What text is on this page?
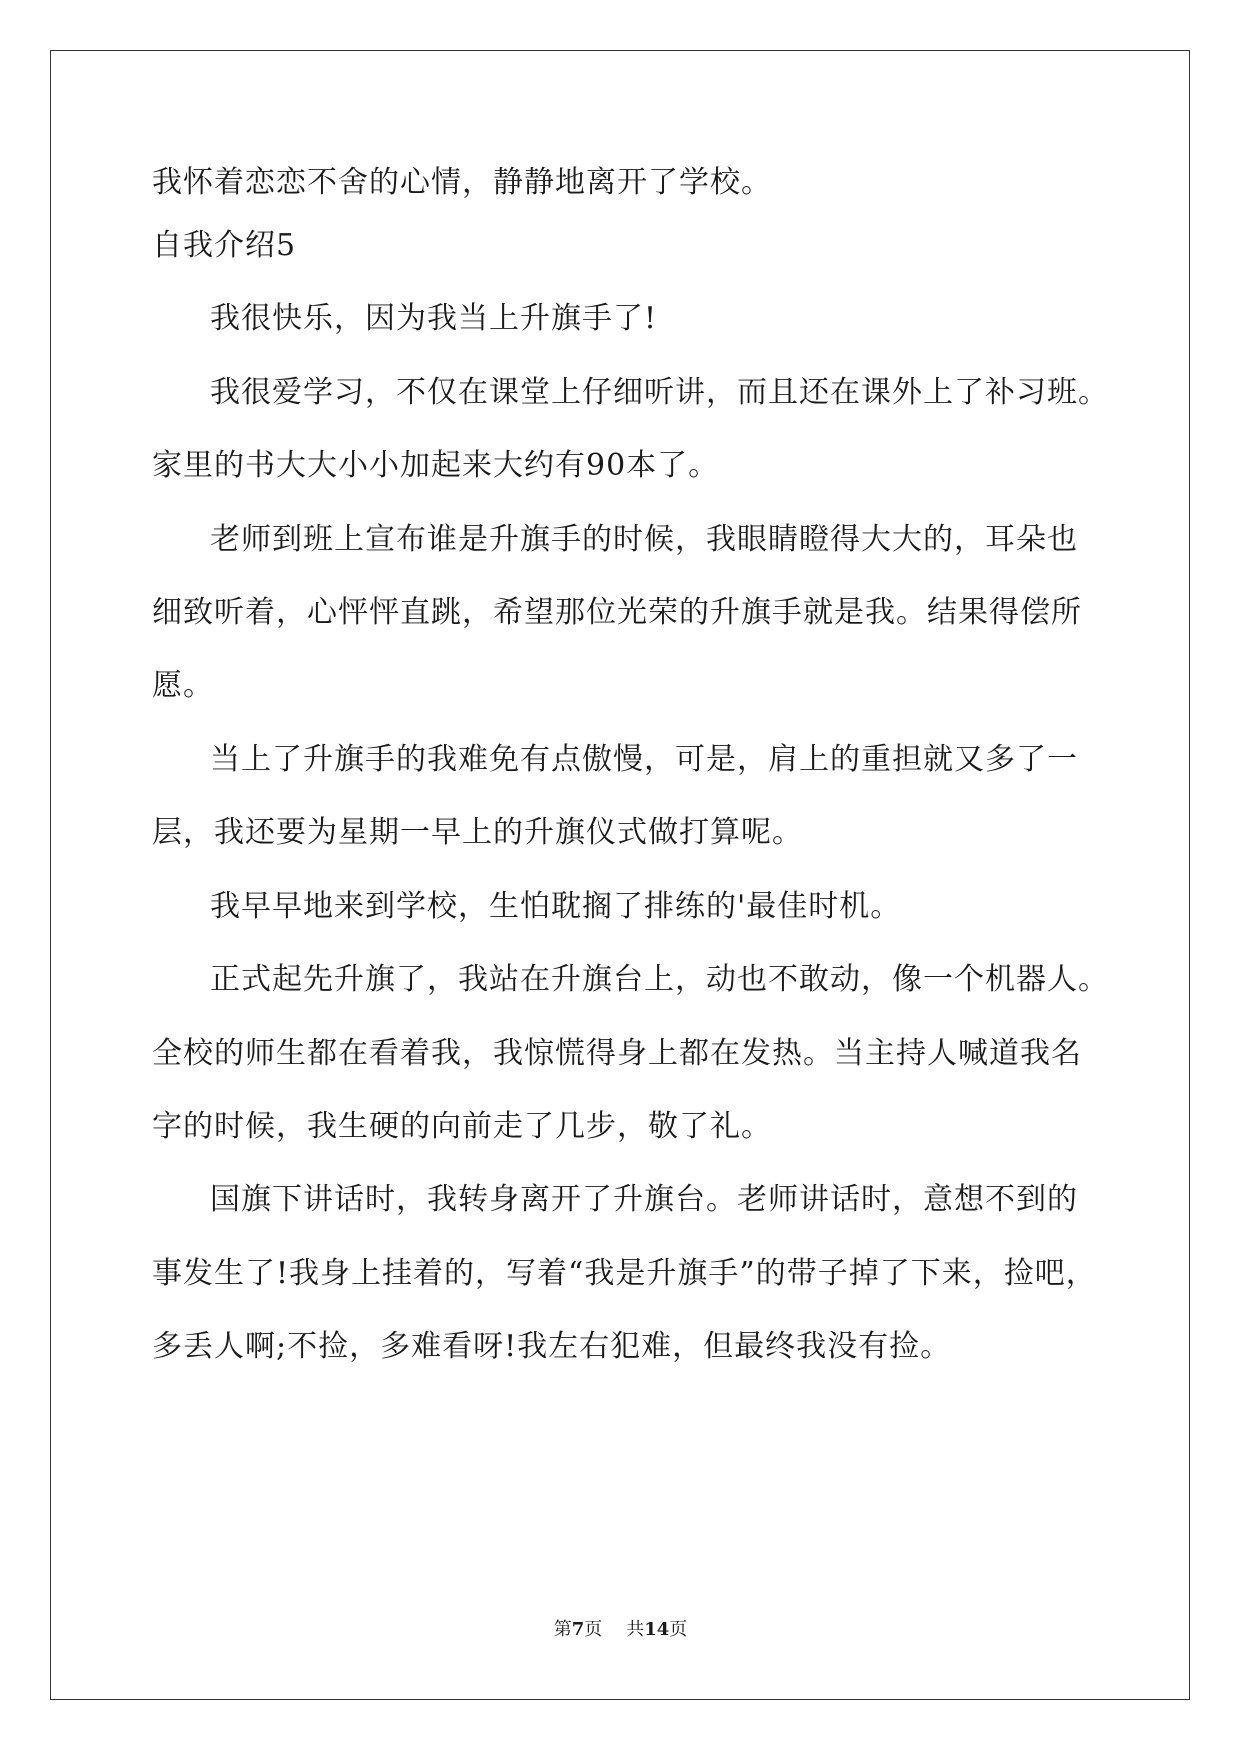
我怀着恋恋不舍的心情，静静地离开了学校。
自我介绍5
我很快乐，因为我当上升旗手了!
我很爱学习，不仅在课堂上仔细听讲，而且还在课外上了补习班。
家里的书大大小小加起来大约有90本了。
老师到班上宣布谁是升旗手的时候，我眼睛瞪得大大的，耳朵也
细致听着，心怦怦直跳，希望那位光荣的升旗手就是我。结果得偿所
愿。
当上了升旗手的我难免有点傲慢，可是，肩上的重担就又多了一
层，我还要为星期一早上的升旗仪式做打算呢。
我早早地来到学校，生怕耽搁了排练的'最佳时机。
正式起先升旗了，我站在升旗台上，动也不敢动，像一个机器人。
全校的师生都在看着我，我惊慌得身上都在发热。当主持人喊道我名
字的时候，我生硬的向前走了几步，敬了礼。
国旗下讲话时，我转身离开了升旗台。老师讲话时，意想不到的
事发生了!我身上挂着的，写着“我是升旗手”的带子掉了下来，捡吧，
多丢人啊;不捡，多难看呀!我左右犯难，但最终我没有捡。
第7页 共14页
